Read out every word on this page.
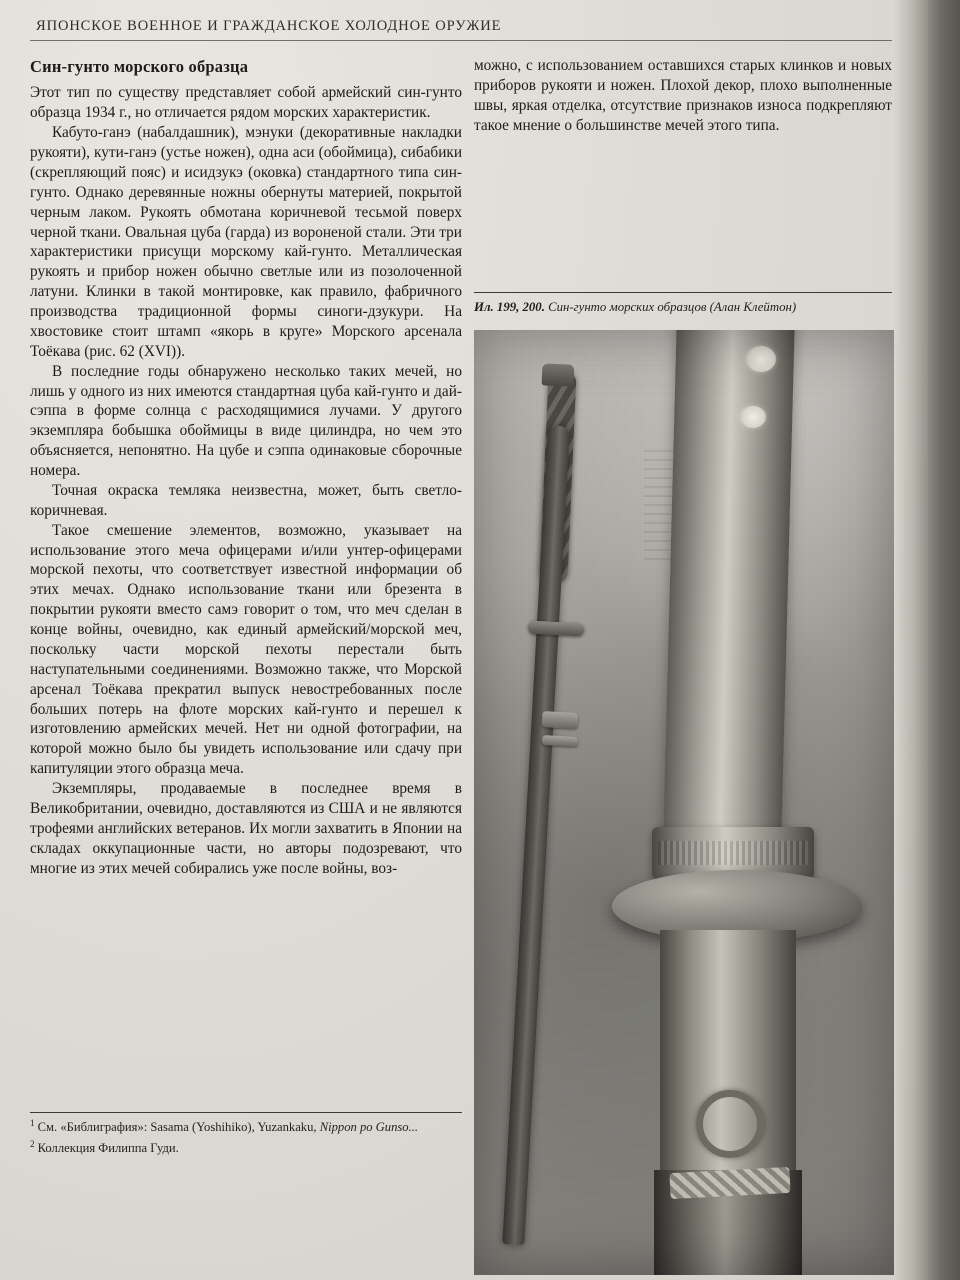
ЯПОНСКОЕ ВОЕННОЕ И ГРАЖДАНСКОЕ ХОЛОДНОЕ ОРУЖИЕ
Син-гунто морского образца

Этот тип по существу представляет собой армейский син-гунто образца 1934 г., но отличается рядом морских характеристик.

Кабуто-ганэ (набалдашник), мэнуки (декоративные накладки рукояти), кути-ганэ (устье ножен), одна аси (обоймица), сибабики (скрепляющий пояс) и исидзукэ (оковка) стандартного типа син-гунто. Однако деревянные ножны обернуты материей, покрытой черным лаком. Рукоять обмотана коричневой тесьмой поверх черной ткани. Овальная цуба (гарда) из вороненой стали. Эти три характеристики присущи морскому кай-гунто. Металлическая рукоять и прибор ножен обычно светлые или из позолоченной латуни. Клинки в такой монтировке, как правило, фабричного производства традиционной формы синоги-дзукури. На хвостовике стоит штамп «якорь в круге» Морского арсенала Тоёкава (рис. 62 (XVI)).

В последние годы обнаружено несколько таких мечей, но лишь у одного из них имеются стандартная цуба кай-гунто и дай-сэппа в форме солнца с расходящимися лучами. У другого экземпляра бобышка обоймицы в виде цилиндра, но чем это объясняется, непонятно. На цубе и сэппа одинаковые сборочные номера.

Точная окраска темляка неизвестна, может, быть светло-коричневая.

Такое смешение элементов, возможно, указывает на использование этого меча офицерами и/или унтер-офицерами морской пехоты, что соответствует известной информации об этих мечах. Однако использование ткани или брезента в покрытии рукояти вместо самэ говорит о том, что меч сделан в конце войны, очевидно, как единый армейский/морской меч, поскольку части морской пехоты перестали быть наступательными соединениями. Возможно также, что Морской арсенал Тоёкава прекратил выпуск невостребованных после больших потерь на флоте морских кай-гунто и перешел к изготовлению армейских мечей. Нет ни одной фотографии, на которой можно было бы увидеть использование или сдачу при капитуляции этого образца меча.

Экземпляры, продаваемые в последнее время в Великобритании, очевидно, доставляются из США и не являются трофеями английских ветеранов. Их могли захватить в Японии на складах оккупационные части, но авторы подозревают, что многие из этих мечей собирались уже после войны, воз-

$^1$ См. «Библиграфия»: Sasama (Yoshihiko), Yuzankaku, Nippon po Gunso...

$^2$ Коллекция Филиппа Гуди.

можно, с использованием оставшихся старых клинков и новых приборов рукояти и ножен. Плохой декор, плохо выполненные швы, яркая отделка, отсутствие признаков износа подкрепляют такое мнение о большинстве мечей этого типа.

Ил. 199, 200. Син-гунто морских образцов (Алан Клейтон)
